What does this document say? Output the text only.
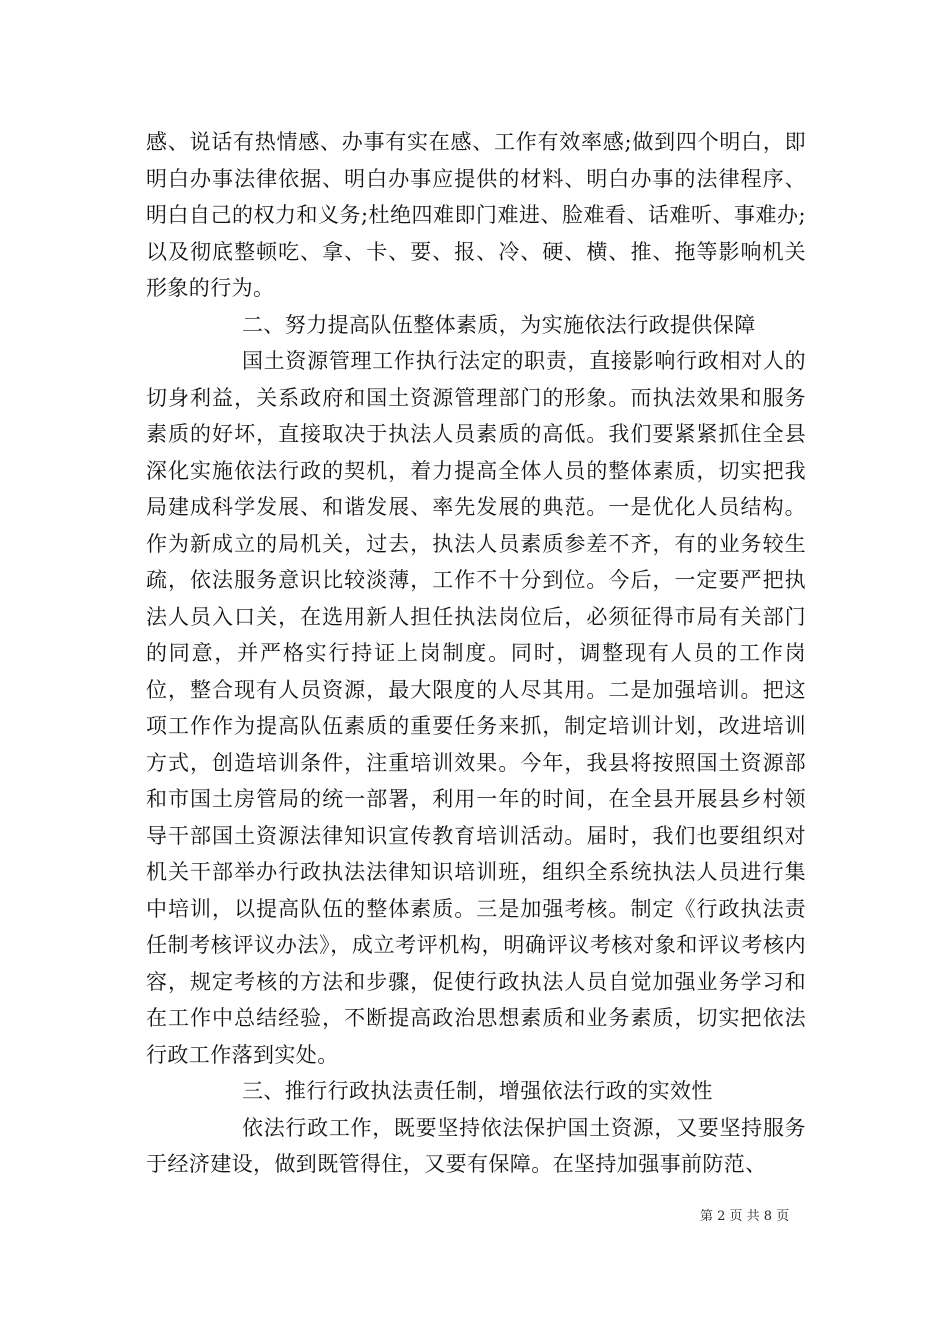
感、说话有热情感、办事有实在感、工作有效率感;做到四个明白，即明白办事法律依据、明白办事应提供的材料、明白办事的法律程序、明白自己的权力和义务;杜绝四难即门难进、脸难看、话难听、事难办;以及彻底整顿吃、拿、卡、要、报、冷、硬、横、推、拖等影响机关形象的行为。

二、努力提高队伍整体素质，为实施依法行政提供保障

国土资源管理工作执行法定的职责，直接影响行政相对人的切身利益，关系政府和国土资源管理部门的形象。而执法效果和服务素质的好坏，直接取决于执法人员素质的高低。我们要紧紧抓住全县深化实施依法行政的契机，着力提高全体人员的整体素质，切实把我局建成科学发展、和谐发展、率先发展的典范。一是优化人员结构。作为新成立的局机关，过去，执法人员素质参差不齐，有的业务较生疏，依法服务意识比较淡薄，工作不十分到位。今后，一定要严把执法人员入口关，在选用新人担任执法岗位后，必须征得市局有关部门的同意，并严格实行持证上岗制度。同时，调整现有人员的工作岗位，整合现有人员资源，最大限度的人尽其用。二是加强培训。把这项工作作为提高队伍素质的重要任务来抓，制定培训计划，改进培训方式，创造培训条件，注重培训效果。今年，我县将按照国土资源部和市国土房管局的统一部署，利用一年的时间，在全县开展县乡村领导干部国土资源法律知识宣传教育培训活动。届时，我们也要组织对机关干部举办行政执法法律知识培训班，组织全系统执法人员进行集中培训，以提高队伍的整体素质。三是加强考核。制定《行政执法责任制考核评议办法》，成立考评机构，明确评议考核对象和评议考核内容，规定考核的方法和步骤，促使行政执法人员自觉加强业务学习和在工作中总结经验，不断提高政治思想素质和业务素质，切实把依法行政工作落到实处。

三、推行行政执法责任制，增强依法行政的实效性

依法行政工作，既要坚持依法保护国土资源，又要坚持服务于经济建设，做到既管得住，又要有保障。在坚持加强事前防范、

第 2 页 共 8 页
